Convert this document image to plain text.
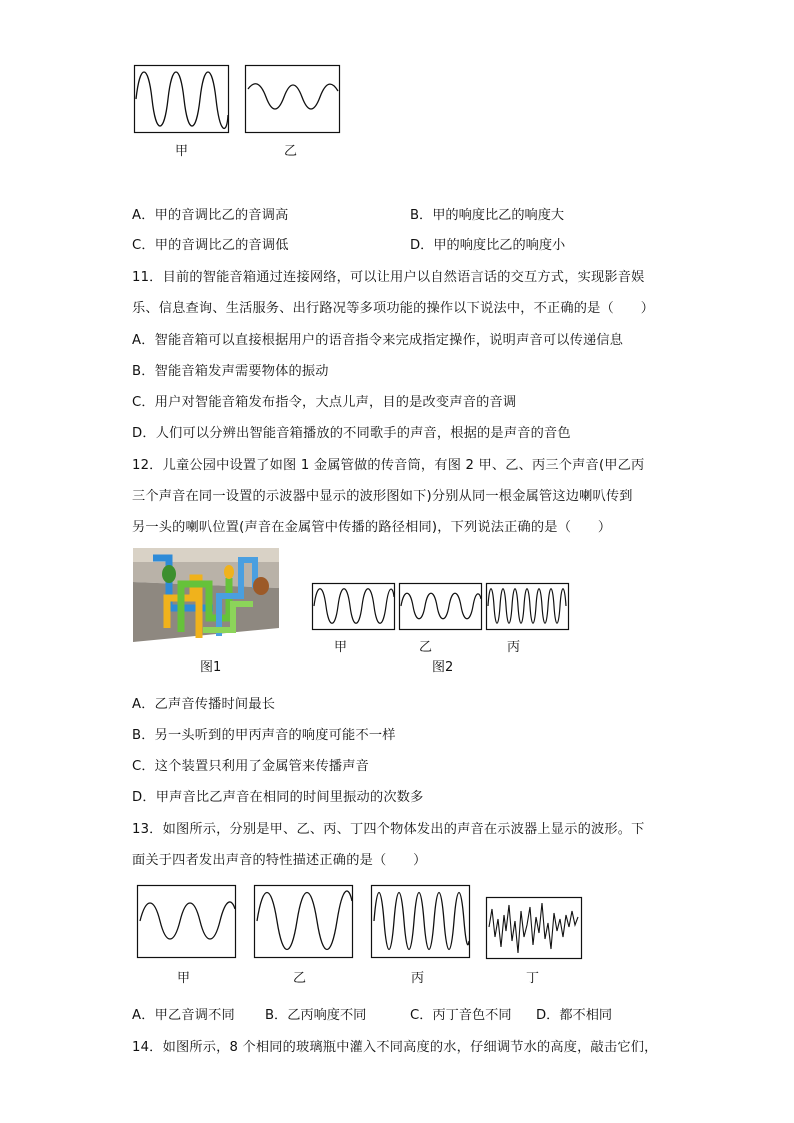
甲	乙
A．甲的音调比乙的音调高	B．甲的响度比乙的响度大
C．甲的音调比乙的音调低	D．甲的响度比乙的响度小
11．目前的智能音箱通过连接网络，可以让用户以自然语言话的交互方式，实现影音娱
乐、信息查询、生活服务、出行路况等多项功能的操作以下说法中，不正确的是（　　）
A．智能音箱可以直接根据用户的语音指令来完成指定操作，说明声音可以传递信息
B．智能音箱发声需要物体的振动
C．用户对智能音箱发布指令，大点儿声，目的是改变声音的音调
D．人们可以分辨出智能音箱播放的不同歌手的声音，根据的是声音的音色
12．儿童公园中设置了如图 1 金属管做的传音筒，有图 2 甲、乙、丙三个声音(甲乙丙
三个声音在同一设置的示波器中显示的波形图如下)分别从同一根金属管这边喇叭传到
另一头的喇叭位置(声音在金属管中传播的路径相同)，下列说法正确的是（　　）
图1
甲	乙	丙
图2
A．乙声音传播时间最长
B．另一头听到的甲丙声音的响度可能不一样
C．这个装置只利用了金属管来传播声音
D．甲声音比乙声音在相同的时间里振动的次数多
13．如图所示，分别是甲、乙、丙、丁四个物体发出的声音在示波器上显示的波形。下
面关于四者发出声音的特性描述正确的是（　　）
甲	乙	丙	丁
A．甲乙音调不同 B．乙丙响度不同	C．丙丁音色不同 D．都不相同
14．如图所示，8 个相同的玻璃瓶中灌入不同高度的水，仔细调节水的高度，敲击它们，
